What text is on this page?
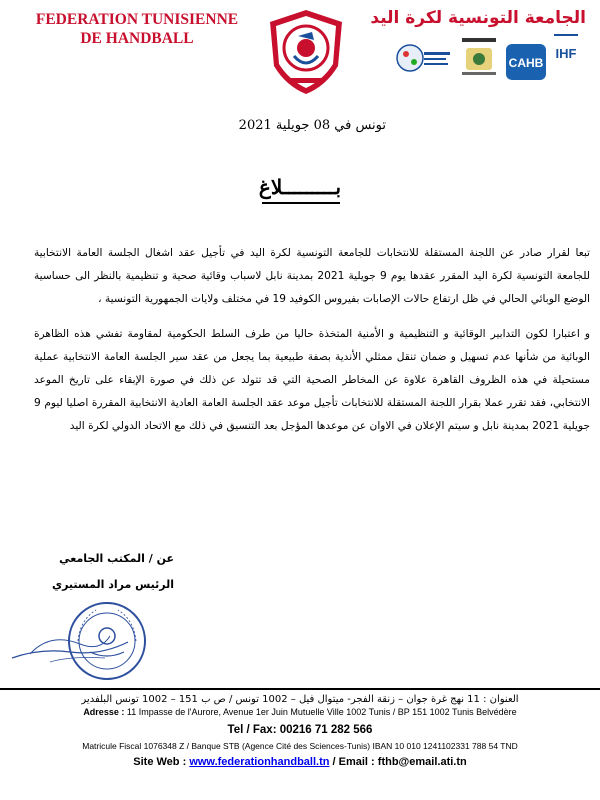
FEDERATION TUNISIENNE
DE HANDBALL
الجامعة التونسية لكرة اليد
CAHB
IHF
تونس في 08 جويلية 2021
بـــــــــلاغ

تبعا لقرار صادر عن اللجنة المستقلة للانتخابات للجامعة التونسية لكرة اليد في تأجيل عقد اشغال الجلسة العامة الانتخابية للجامعة التونسية لكرة اليد المقرر عقدها يوم 9 جويلية 2021 بمدينة نابل لاسباب وقائية صحية و تنظيمية بالنظر الى حساسية الوضع الوبائي الحالي في ظل ارتفاع حالات الإصابات بفيروس الكوفيد 19 في مختلف ولايات الجمهورية التونسية ،

و اعتبارا لكون التدابير الوقائية و التنظيمية و الأمنية المتخذة حاليا من طرف السلط الحكومية لمقاومة تفشي هذه الظاهرة الوبائية من شأنها عدم تسهيل و ضمان تنقل ممثلي الأندية بصفة طبيعية بما يجعل من عقد سير الجلسة العامة الانتخابية عملية مستحيلة في هذه الظروف القاهرة علاوة عن المخاطر الصحية التي قد تتولد عن ذلك في صورة الإبقاء على تاريخ الموعد الانتخابي، فقد تقرر عملا بقرار اللجنة المستقلة للانتخابات تأجيل موعد عقد الجلسة العامة العادية الانتخابية المقررة اصليا ليوم 9 جويلية 2021 بمدينة نابل و سيتم الإعلان في الاوان عن موعدها المؤجل بعد التنسيق في ذلك مع الاتحاد الدولي لكرة اليد

عن / المكتب الجامعي
الرئيس مراد المستيري
العنوان : 11 نهج غرة جوان – زنقة الفجر- ميتوال فيل – 1002 تونس / ص ب 151 – 1002 تونس البلفدير
Adresse : 11 Impasse de l'Aurore, Avenue 1er Juin Mutuelle Ville 1002 Tunis / BP 151 1002 Tunis Belvédère
Tel / Fax: 00216 71 282 566
Matricule Fiscal 1076348 Z / Banque STB (Agence Cité des Sciences-Tunis) IBAN 10 010 1241102331 788 54 TND
Site Web : www.federationhandball.tn / Email : fthb@email.ati.tn
